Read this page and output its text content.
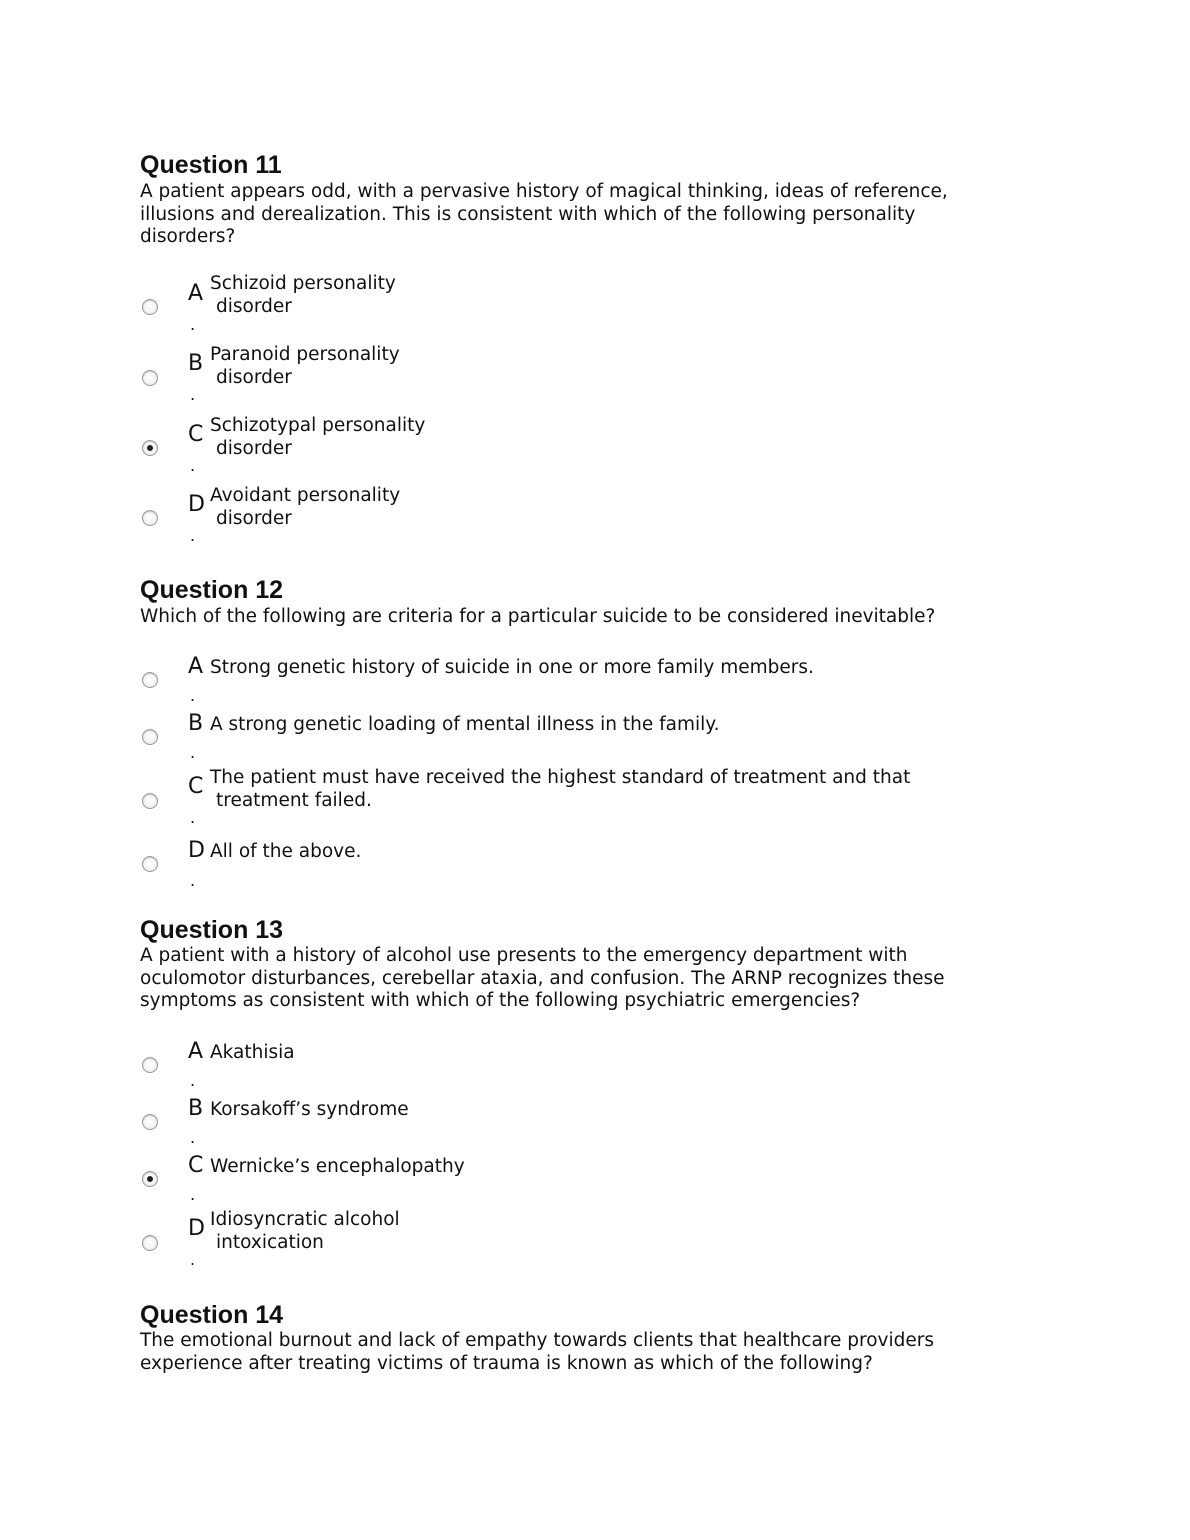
Question 11

A patient appears odd, with a pervasive history of magical thinking, ideas of reference, illusions and derealization. This is consistent with which of the following personality disorders?

A
.

Schizoid personality
disorder

B
.

Paranoid personality
disorder

C
.

Schizotypal personality
disorder

D
.

Avoidant personality
disorder

Question 12

Which of the following are criteria for a particular suicide to be considered inevitable?

A
.

Strong genetic history of suicide in one or more family members.

B
.

A strong genetic loading of mental illness in the family.

C
.

The patient must have received the highest standard of treatment and that
treatment failed.

D
.

All of the above.

Question 13

A patient with a history of alcohol use presents to the emergency department with oculomotor disturbances, cerebellar ataxia, and confusion. The ARNP recognizes these symptoms as consistent with which of the following psychiatric emergencies?

A
.

Akathisia

B
.

Korsakoff’s syndrome

C
.

Wernicke’s encephalopathy

D
.

Idiosyncratic alcohol
intoxication

Question 14

The emotional burnout and lack of empathy towards clients that healthcare providers experience after treating victims of trauma is known as which of the following?
